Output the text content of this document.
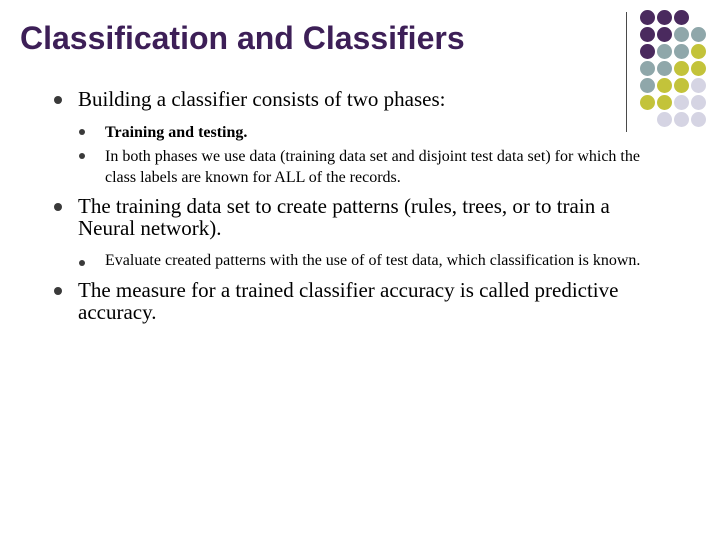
Classification and Classifiers
Building a classifier consists of two phases:
Training and testing.
In both phases we use data (training data set and disjoint test data set) for which the class labels are known for ALL of the records.
The training data set to create patterns (rules, trees, or to train a Neural network).
Evaluate created patterns with the use of of test data, which classification is known.
The measure for a trained classifier accuracy is called predictive accuracy.
